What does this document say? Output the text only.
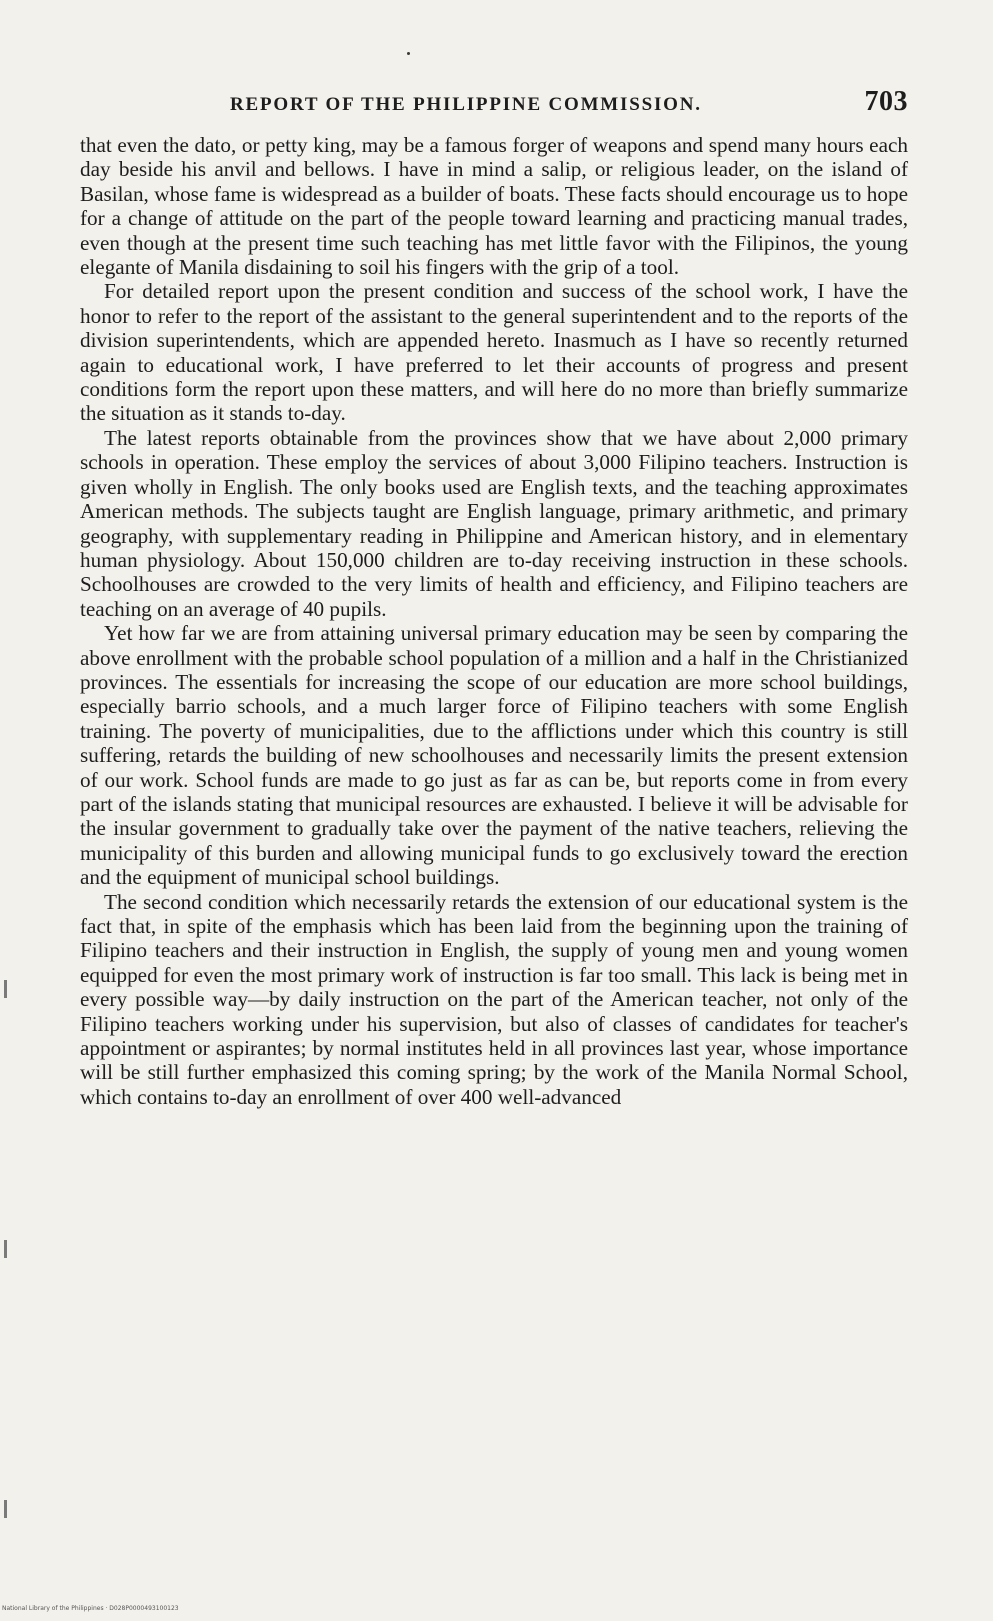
REPORT OF THE PHILIPPINE COMMISSION.	703

that even the dato, or petty king, may be a famous forger of weapons and spend many hours each day beside his anvil and bellows. I have in mind a salip, or religious leader, on the island of Basilan, whose fame is widespread as a builder of boats. These facts should encourage us to hope for a change of attitude on the part of the people toward learning and practicing manual trades, even though at the present time such teaching has met little favor with the Filipinos, the young elegante of Manila disdaining to soil his fingers with the grip of a tool.

For detailed report upon the present condition and success of the school work, I have the honor to refer to the report of the assistant to the general superintendent and to the reports of the division superintendents, which are appended hereto. Inasmuch as I have so recently returned again to educational work, I have preferred to let their accounts of progress and present conditions form the report upon these matters, and will here do no more than briefly summarize the situation as it stands to-day.

The latest reports obtainable from the provinces show that we have about 2,000 primary schools in operation. These employ the services of about 3,000 Filipino teachers. Instruction is given wholly in English. The only books used are English texts, and the teaching approximates American methods. The subjects taught are English language, primary arithmetic, and primary geography, with supplementary reading in Philippine and American history, and in elementary human physiology. About 150,000 children are to-day receiving instruction in these schools. Schoolhouses are crowded to the very limits of health and efficiency, and Filipino teachers are teaching on an average of 40 pupils.

Yet how far we are from attaining universal primary education may be seen by comparing the above enrollment with the probable school population of a million and a half in the Christianized provinces. The essentials for increasing the scope of our education are more school buildings, especially barrio schools, and a much larger force of Filipino teachers with some English training. The poverty of municipalities, due to the afflictions under which this country is still suffering, retards the building of new schoolhouses and necessarily limits the present extension of our work. School funds are made to go just as far as can be, but reports come in from every part of the islands stating that municipal resources are exhausted. I believe it will be advisable for the insular government to gradually take over the payment of the native teachers, relieving the municipality of this burden and allowing municipal funds to go exclusively toward the erection and the equipment of municipal school buildings.

The second condition which necessarily retards the extension of our educational system is the fact that, in spite of the emphasis which has been laid from the beginning upon the training of Filipino teachers and their instruction in English, the supply of young men and young women equipped for even the most primary work of instruction is far too small. This lack is being met in every possible way—by daily instruction on the part of the American teacher, not only of the Filipino teachers working under his supervision, but also of classes of candidates for teacher's appointment or aspirantes; by normal institutes held in all provinces last year, whose importance will be still further emphasized this coming spring; by the work of the Manila Normal School, which contains to-day an enrollment of over 400 well-advanced

National Library of the Philippines · D028P0000493100123
